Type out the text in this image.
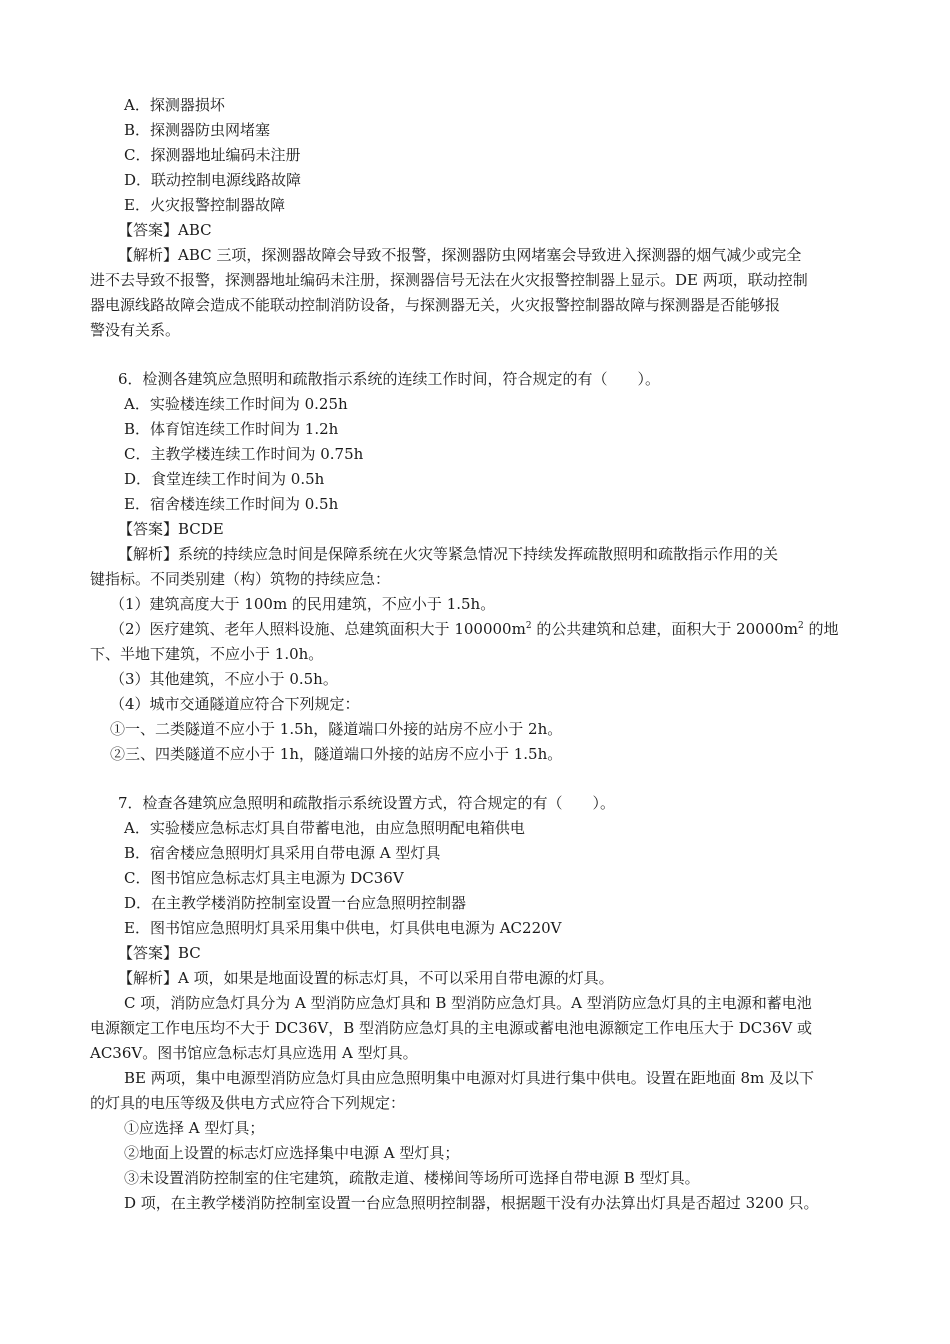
A．探测器损坏
B．探测器防虫网堵塞
C．探测器地址编码未注册
D．联动控制电源线路故障
E．火灾报警控制器故障
【答案】ABC
【解析】ABC 三项，探测器故障会导致不报警，探测器防虫网堵塞会导致进入探测器的烟气减少或完全
进不去导致不报警，探测器地址编码未注册，探测器信号无法在火灾报警控制器上显示。DE 两项，联动控制
器电源线路故障会造成不能联动控制消防设备，与探测器无关，火灾报警控制器故障与探测器是否能够报
警没有关系。
6．检测各建筑应急照明和疏散指示系统的连续工作时间，符合规定的有（　　）。
A．实验楼连续工作时间为 0.25h
B．体育馆连续工作时间为 1.2h
C．主教学楼连续工作时间为 0.75h
D．食堂连续工作时间为 0.5h
E．宿舍楼连续工作时间为 0.5h
【答案】BCDE
【解析】系统的持续应急时间是保障系统在火灾等紧急情况下持续发挥疏散照明和疏散指示作用的关
键指标。不同类别建（构）筑物的持续应急：
（1）建筑高度大于 100m 的民用建筑，不应小于 1.5h。
（2）医疗建筑、老年人照料设施、总建筑面积大于 $100000m^2$ 的公共建筑和总建，面积大于 $20000m^2$ 的地
下、半地下建筑，不应小于 1.0h。
（3）其他建筑，不应小于 0.5h。
（4）城市交通隧道应符合下列规定：
①一、二类隧道不应小于 1.5h，隧道端口外接的站房不应小于 2h。
②三、四类隧道不应小于 1h，隧道端口外接的站房不应小于 1.5h。
7．检查各建筑应急照明和疏散指示系统设置方式，符合规定的有（　　）。
A．实验楼应急标志灯具自带蓄电池，由应急照明配电箱供电
B．宿舍楼应急照明灯具采用自带电源 A 型灯具
C．图书馆应急标志灯具主电源为 DC36V
D．在主教学楼消防控制室设置一台应急照明控制器
E．图书馆应急照明灯具采用集中供电，灯具供电电源为 AC220V
【答案】BC
【解析】A 项，如果是地面设置的标志灯具，不可以采用自带电源的灯具。
C 项，消防应急灯具分为 A 型消防应急灯具和 B 型消防应急灯具。A 型消防应急灯具的主电源和蓄电池
电源额定工作电压均不大于 DC36V，B 型消防应急灯具的主电源或蓄电池电源额定工作电压大于 DC36V 或
AC36V。图书馆应急标志灯具应选用 A 型灯具。
BE 两项，集中电源型消防应急灯具由应急照明集中电源对灯具进行集中供电。设置在距地面 8m 及以下
的灯具的电压等级及供电方式应符合下列规定：
①应选择 A 型灯具；
②地面上设置的标志灯应选择集中电源 A 型灯具；
③未设置消防控制室的住宅建筑，疏散走道、楼梯间等场所可选择自带电源 B 型灯具。
D 项，在主教学楼消防控制室设置一台应急照明控制器，根据题干没有办法算出灯具是否超过 3200 只。
